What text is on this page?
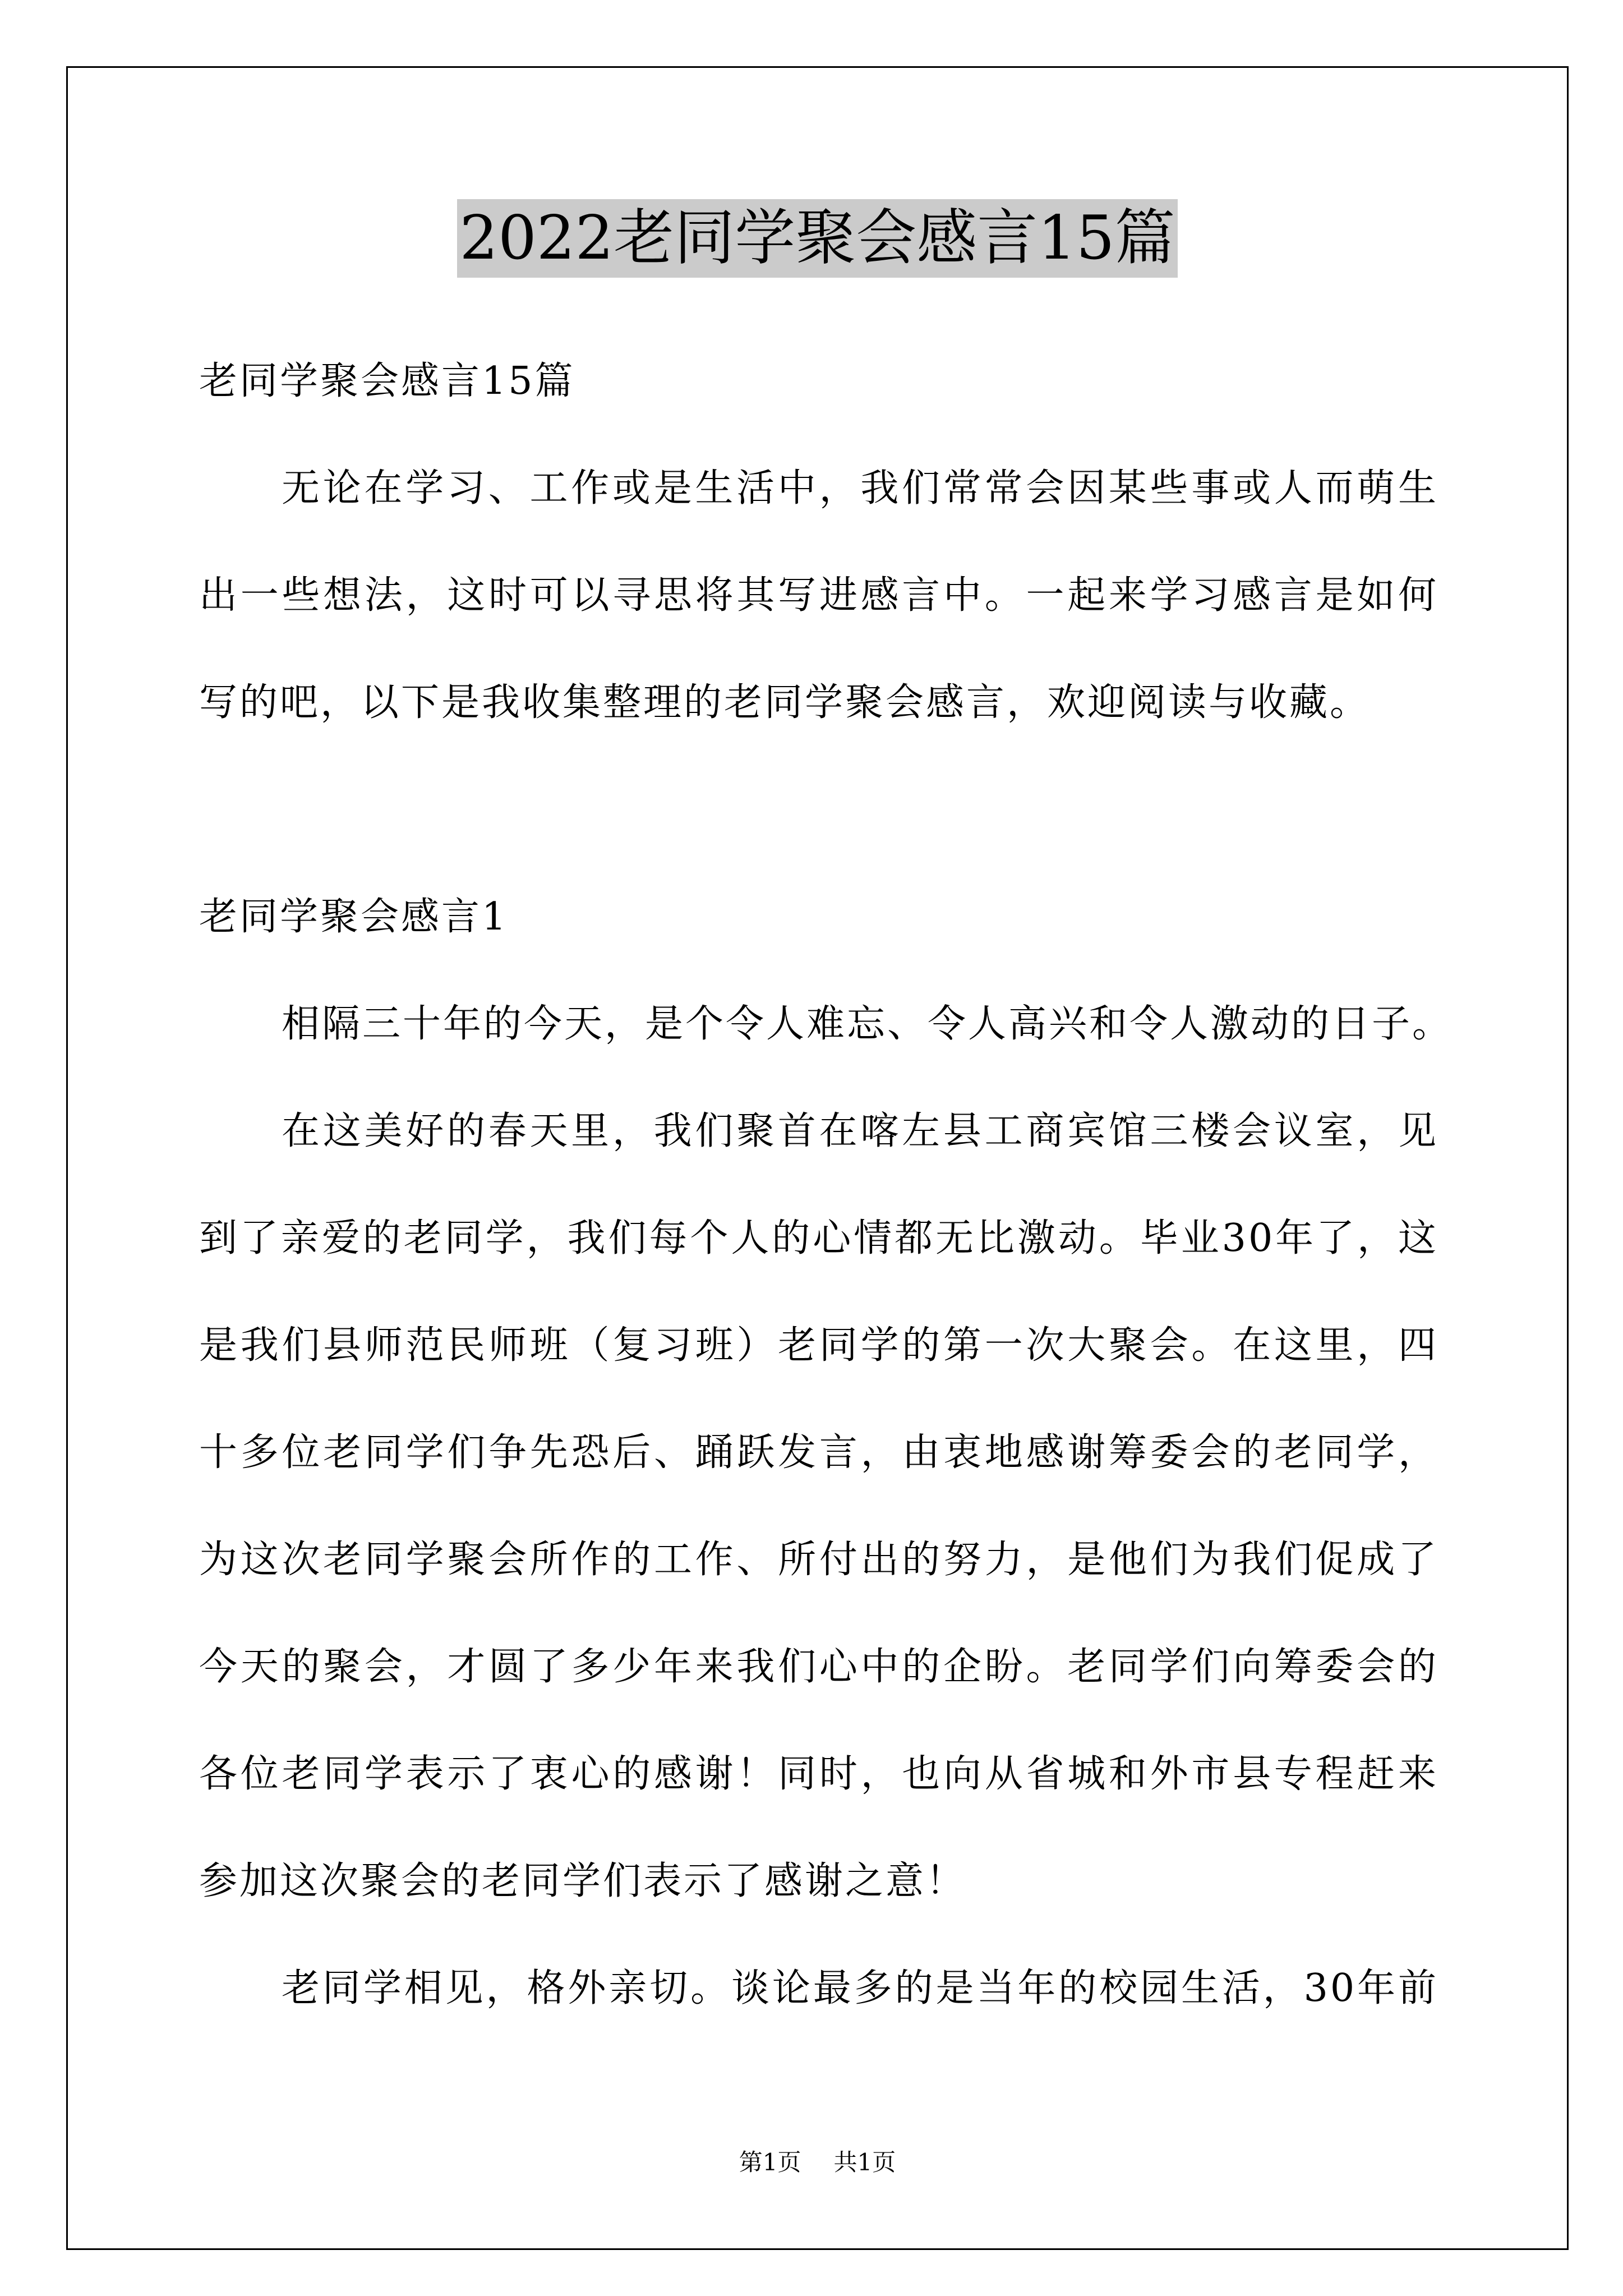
2022老同学聚会感言15篇
老同学聚会感言15篇
无论在学习、工作或是生活中，我们常常会因某些事或人而萌生
出一些想法，这时可以寻思将其写进感言中。一起来学习感言是如何
写的吧，以下是我收集整理的老同学聚会感言，欢迎阅读与收藏。
老同学聚会感言1
相隔三十年的今天，是个令人难忘、令人高兴和令人激动的日子。
在这美好的春天里，我们聚首在喀左县工商宾馆三楼会议室，见
到了亲爱的老同学，我们每个人的心情都无比激动。毕业30年了，这
是我们县师范民师班（复习班）老同学的第一次大聚会。在这里，四
十多位老同学们争先恐后、踊跃发言，由衷地感谢筹委会的老同学，
为这次老同学聚会所作的工作、所付出的努力，是他们为我们促成了
今天的聚会，才圆了多少年来我们心中的企盼。老同学们向筹委会的
各位老同学表示了衷心的感谢！同时，也向从省城和外市县专程赶来
参加这次聚会的老同学们表示了感谢之意！
老同学相见，格外亲切。谈论最多的是当年的校园生活，30年前
第1页 共1页
